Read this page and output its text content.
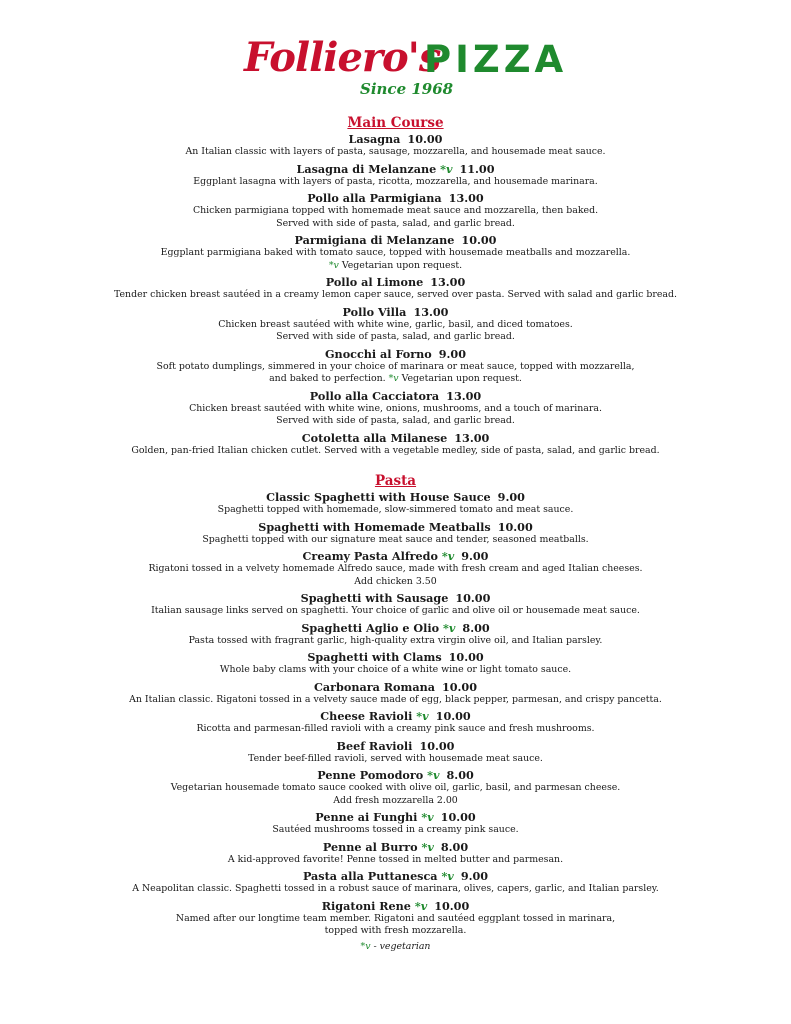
Folliero's
PIZZA
Since 1968
Main Course
Lasagna 10.00
An Italian classic with layers of pasta, sausage, mozzarella, and housemade meat sauce.
Lasagna di Melanzane *v 11.00
Eggplant lasagna with layers of pasta, ricotta, mozzarella, and housemade marinara.
Pollo alla Parmigiana 13.00
Chicken parmigiana topped with homemade meat sauce and mozzarella, then baked.
Served with side of pasta, salad, and garlic bread.
Parmigiana di Melanzane 10.00
Eggplant parmigiana baked with tomato sauce, topped with housemade meatballs and mozzarella.
*v Vegetarian upon request.
Pollo al Limone 13.00
Tender chicken breast sautéed in a creamy lemon caper sauce, served over pasta. Served with salad and garlic bread.
Pollo Villa 13.00
Chicken breast sautéed with white wine, garlic, basil, and diced tomatoes.
Served with side of pasta, salad, and garlic bread.
Gnocchi al Forno 9.00
Soft potato dumplings, simmered in your choice of marinara or meat sauce, topped with mozzarella,
and baked to perfection. *v Vegetarian upon request.
Pollo alla Cacciatora 13.00
Chicken breast sautéed with white wine, onions, mushrooms, and a touch of marinara.
Served with side of pasta, salad, and garlic bread.
Cotoletta alla Milanese 13.00
Golden, pan-fried Italian chicken cutlet. Served with a vegetable medley, side of pasta, salad, and garlic bread.
Pasta
Classic Spaghetti with House Sauce 9.00
Spaghetti topped with homemade, slow-simmered tomato and meat sauce.
Spaghetti with Homemade Meatballs 10.00
Spaghetti topped with our signature meat sauce and tender, seasoned meatballs.
Creamy Pasta Alfredo *v 9.00
Rigatoni tossed in a velvety homemade Alfredo sauce, made with fresh cream and aged Italian cheeses.
Add chicken 3.50
Spaghetti with Sausage 10.00
Italian sausage links served on spaghetti. Your choice of garlic and olive oil or housemade meat sauce.
Spaghetti Aglio e Olio *v 8.00
Pasta tossed with fragrant garlic, high-quality extra virgin olive oil, and Italian parsley.
Spaghetti with Clams 10.00
Whole baby clams with your choice of a white wine or light tomato sauce.
Carbonara Romana 10.00
An Italian classic. Rigatoni tossed in a velvety sauce made of egg, black pepper, parmesan, and crispy pancetta.
Cheese Ravioli *v 10.00
Ricotta and parmesan-filled ravioli with a creamy pink sauce and fresh mushrooms.
Beef Ravioli 10.00
Tender beef-filled ravioli, served with housemade meat sauce.
Penne Pomodoro *v 8.00
Vegetarian housemade tomato sauce cooked with olive oil, garlic, basil, and parmesan cheese.
Add fresh mozzarella 2.00
Penne ai Funghi *v 10.00
Sautéed mushrooms tossed in a creamy pink sauce.
Penne al Burro *v 8.00
A kid-approved favorite! Penne tossed in melted butter and parmesan.
Pasta alla Puttanesca *v 9.00
A Neapolitan classic. Spaghetti tossed in a robust sauce of marinara, olives, capers, garlic, and Italian parsley.
Rigatoni Rene *v 10.00
Named after our longtime team member. Rigatoni and sautéed eggplant tossed in marinara,
topped with fresh mozzarella.
*v - vegetarian
